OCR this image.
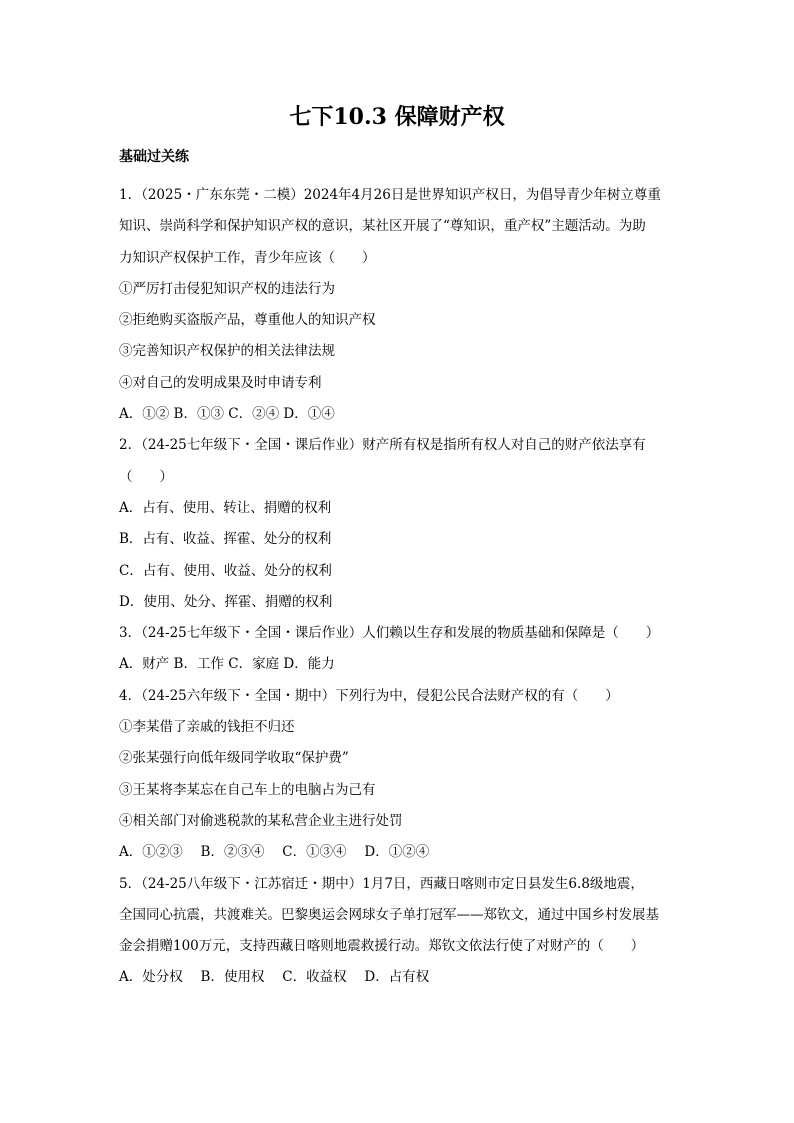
七下10.3 保障财产权
基础过关练
1．（2025・广东东莞・二模）2024年4月26日是世界知识产权日，为倡导青少年树立尊重
知识、崇尚科学和保护知识产权的意识，某社区开展了“尊知识，重产权”主题活动。为助
力知识产权保护工作，青少年应该（　　）
①严厉打击侵犯知识产权的违法行为
②拒绝购买盗版产品，尊重他人的知识产权
③完善知识产权保护的相关法律法规
④对自己的发明成果及时申请专利
A．①② B．①③ C．②④ D．①④
2．（24-25七年级下・全国・课后作业）财产所有权是指所有权人对自己的财产依法享有
（　　）
A．占有、使用、转让、捐赠的权利
B．占有、收益、挥霍、处分的权利
C．占有、使用、收益、处分的权利
D．使用、处分、挥霍、捐赠的权利
3．（24-25七年级下・全国・课后作业）人们赖以生存和发展的物质基础和保障是（　　）
A．财产 B．工作 C．家庭 D．能力
4．（24-25六年级下・全国・期中）下列行为中，侵犯公民合法财产权的有（　　）
①李某借了亲戚的钱拒不归还
②张某强行向低年级同学收取“保护费”
③王某将李某忘在自己车上的电脑占为己有
④相关部门对偷逃税款的某私营企业主进行处罚
A．①②③　 B．②③④　 C．①③④　 D．①②④
5．（24-25八年级下・江苏宿迁・期中）1月7日，西藏日喀则市定日县发生6.8级地震，
全国同心抗震，共渡难关。巴黎奥运会网球女子单打冠军——郑钦文，通过中国乡村发展基
金会捐赠100万元，支持西藏日喀则地震救援行动。郑钦文依法行使了对财产的（　　）
A．处分权　 B．使用权　 C．收益权　 D．占有权
